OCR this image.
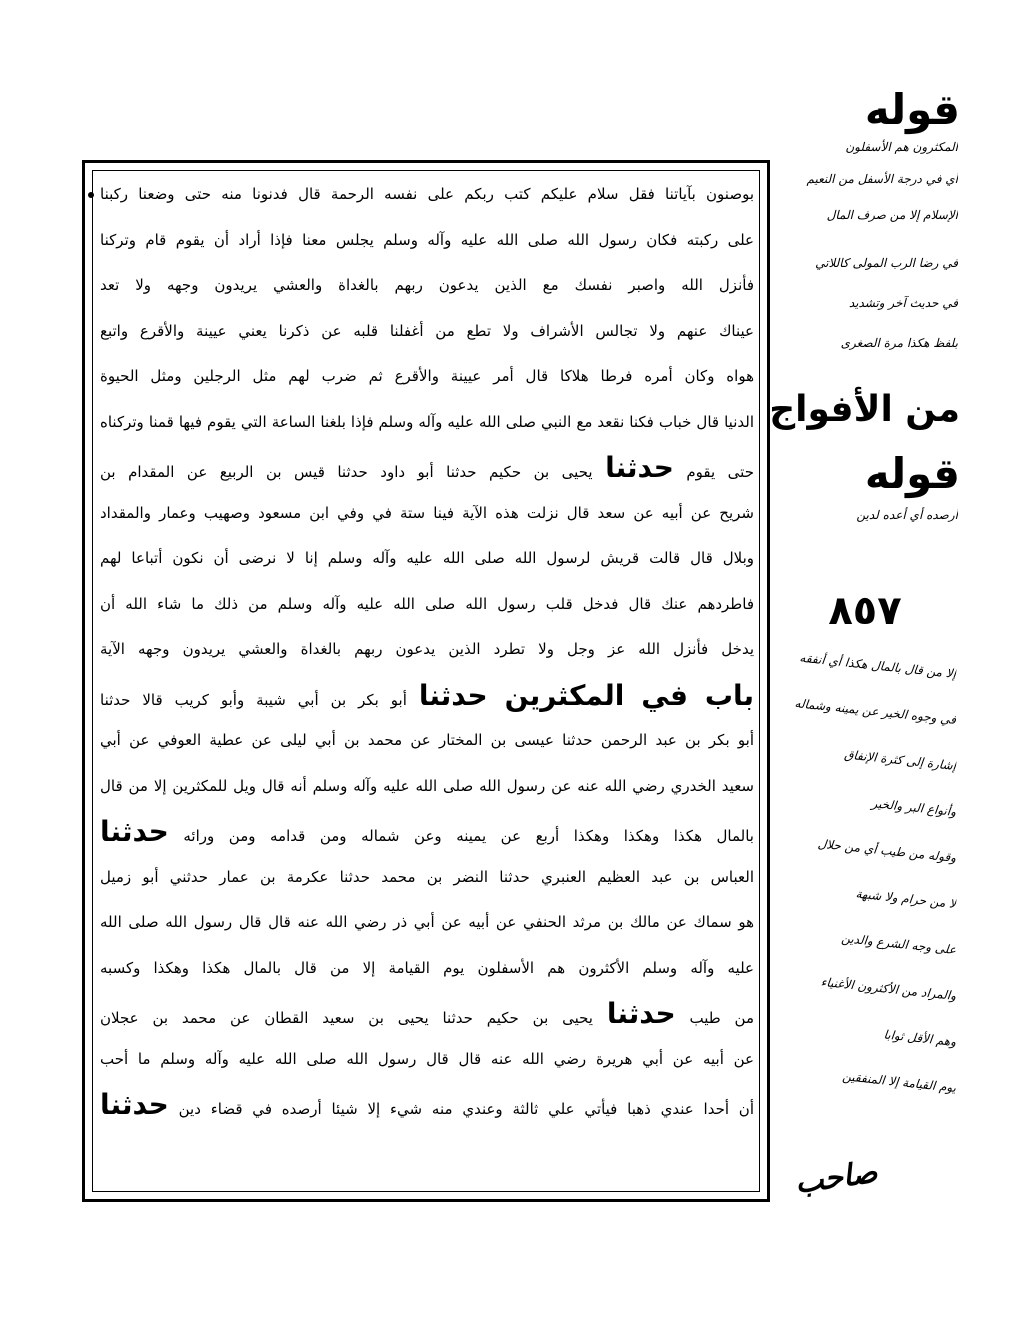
بوصنون بآياتنا فقل سلام عليكم كتب ربكم على نفسه الرحمة قال فدنونا منه حتى وضعنا ركبنا
على ركبته فكان رسول الله صلى الله عليه وآله وسلم يجلس معنا فإذا أراد أن يقوم قام وتركنا
فأنزل الله واصبر نفسك مع الذين يدعون ربهم بالغداة والعشي يريدون وجهه ولا تعد
عيناك عنهم ولا تجالس الأشراف ولا تطع من أغفلنا قلبه عن ذكرنا يعني عيينة والأقرع واتبع
هواه وكان أمره فرطا هلاكا قال أمر عيينة والأقرع ثم ضرب لهم مثل الرجلين ومثل الحيوة
الدنيا قال خباب فكنا نقعد مع النبي صلى الله عليه وآله وسلم فإذا بلغنا الساعة التي يقوم فيها قمنا وتركناه
حتى يقوم حدثنا يحيى بن حكيم حدثنا أبو داود حدثنا قيس بن الربيع عن المقدام بن
شريح عن أبيه عن سعد قال نزلت هذه الآية فينا ستة في وفي ابن مسعود وصهيب وعمار والمقداد
وبلال قال قالت قريش لرسول الله صلى الله عليه وآله وسلم إنا لا نرضى أن نكون أتباعا لهم
فاطردهم عنك قال فدخل قلب رسول الله صلى الله عليه وآله وسلم من ذلك ما شاء الله أن
يدخل فأنزل الله عز وجل ولا تطرد الذين يدعون ربهم بالغداة والعشي يريدون وجهه الآية
باب في المكثرين حدثنا أبو بكر بن أبي شيبة وأبو كريب قالا حدثنا
أبو بكر بن عبد الرحمن حدثنا عيسى بن المختار عن محمد بن أبي ليلى عن عطية العوفي عن أبي
سعيد الخدري رضي الله عنه عن رسول الله صلى الله عليه وآله وسلم أنه قال ويل للمكثرين إلا من قال
بالمال هكذا وهكذا وهكذا أربع عن يمينه وعن شماله ومن قدامه ومن ورائه حدثنا
العباس بن عبد العظيم العنبري حدثنا النضر بن محمد حدثنا عكرمة بن عمار حدثني أبو زميل
هو سماك عن مالك بن مرثد الحنفي عن أبيه عن أبي ذر رضي الله عنه قال قال رسول الله صلى الله
عليه وآله وسلم الأكثرون هم الأسفلون يوم القيامة إلا من قال بالمال هكذا وهكذا وكسبه
من طيب حدثنا يحيى بن حكيم حدثنا يحيى بن سعيد القطان عن محمد بن عجلان
عن أبيه عن أبي هريرة رضي الله عنه قال قال رسول الله صلى الله عليه وآله وسلم ما أحب
أن أحدا عندي ذهبا فيأتي علي ثالثة وعندي منه شيء إلا شيئا أرصده في قضاء دين حدثنا
قوله
المكثرون هم الأسفلون
أي في درجة الأسفل من النعيم
الإسلام إلا من صرف المال
في رضا الرب المولى كاللاتي
في حديث آخر وتشديد
بلفظ هكذا مرة الصغرى
من الأفواج
قوله
أرصده أي أعده لدين
٨٥٧
إلا من قال بالمال هكذا أي أنفقه
في وجوه الخير عن يمينه وشماله
إشارة إلى كثرة الإنفاق
وأنواع البر والخير
وقوله من طيب أي من حلال
لا من حرام ولا شبهة
على وجه الشرع والدين
والمراد من الأكثرون الأغنياء
وهم الأقل ثوابا
يوم القيامة إلا المنفقين
صاحب
